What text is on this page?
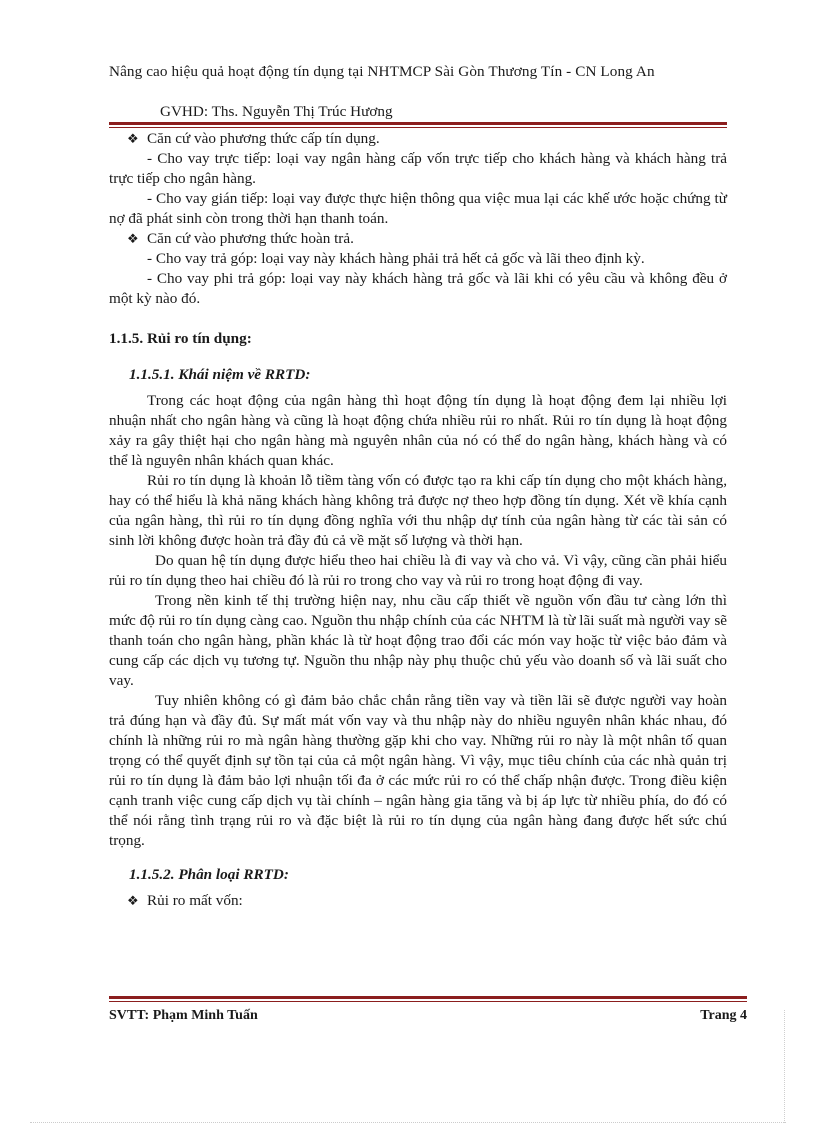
Nâng cao hiệu quả hoạt động tín dụng tại NHTMCP Sài Gòn Thương Tín - CN Long An
GVHD: Ths. Nguyễn Thị Trúc Hương

❖ Căn cứ vào phương thức cấp tín dụng.

- Cho vay trực tiếp: loại vay ngân hàng cấp vốn trực tiếp cho khách hàng và khách hàng trả trực tiếp cho ngân hàng.

- Cho vay gián tiếp: loại vay được thực hiện thông qua việc mua lại các khế ước hoặc chứng từ nợ đã phát sinh còn trong thời hạn thanh toán.

❖ Căn cứ vào phương thức hoàn trả.

- Cho vay trả góp: loại vay này khách hàng phải trả hết cả gốc và lãi theo định kỳ.

- Cho vay phi trả góp: loại vay này khách hàng trả gốc và lãi khi có yêu cầu và không đều ở một kỳ nào đó.

1.1.5. Rủi ro tín dụng:

1.1.5.1. Khái niệm về RRTD:

Trong các hoạt động của ngân hàng thì hoạt động tín dụng là hoạt động đem lại nhiều lợi nhuận nhất cho ngân hàng và cũng là hoạt động chứa nhiều rủi ro nhất. Rủi ro tín dụng là hoạt động xảy ra gây thiệt hại cho ngân hàng mà nguyên nhân của nó có thể do ngân hàng, khách hàng và có thể là nguyên nhân khách quan khác.

Rủi ro tín dụng là khoản lỗ tiềm tàng vốn có được tạo ra khi cấp tín dụng cho một khách hàng, hay có thể hiểu là khả năng khách hàng không trả được nợ theo hợp đồng tín dụng. Xét về khía cạnh của ngân hàng, thì rủi ro tín dụng đồng nghĩa với thu nhập dự tính của ngân hàng từ các tài sản có sinh lời không được hoàn trả đầy đủ cả về mặt số lượng và thời hạn.

Do quan hệ tín dụng được hiểu theo hai chiều là đi vay và cho vả. Vì vậy, cũng cần phải hiểu rủi ro tín dụng theo hai chiều đó là rủi ro trong cho vay và rủi ro trong hoạt động đi vay.

Trong nền kinh tế thị trường hiện nay, nhu cầu cấp thiết về nguồn vốn đầu tư càng lớn thì mức độ rủi ro tín dụng càng cao. Nguồn thu nhập chính của các NHTM là từ lãi suất mà người vay sẽ thanh toán cho ngân hàng, phần khác là từ hoạt động trao đổi các món vay hoặc từ việc bảo đảm và cung cấp các dịch vụ tương tự. Nguồn thu nhập này phụ thuộc chủ yếu vào doanh số và lãi suất cho vay.

Tuy nhiên không có gì đảm bảo chắc chắn rằng tiền vay và tiền lãi sẽ được người vay hoàn trả đúng hạn và đầy đủ. Sự mất mát vốn vay và thu nhập này do nhiều nguyên nhân khác nhau, đó chính là những rủi ro mà ngân hàng thường gặp khi cho vay. Những rủi ro này là một nhân tố quan trọng có thể quyết định sự tồn tại của cả một ngân hàng. Vì vậy, mục tiêu chính của các nhà quản trị rủi ro tín dụng là đảm bảo lợi nhuận tối đa ở các mức rủi ro có thể chấp nhận được. Trong điều kiện cạnh tranh việc cung cấp dịch vụ tài chính – ngân hàng gia tăng và bị áp lực từ nhiều phía, do đó có thể nói rằng tình trạng rủi ro và đặc biệt là rủi ro tín dụng của ngân hàng đang được hết sức chú trọng.

1.1.5.2. Phân loại RRTD:

❖ Rủi ro mất vốn:

SVTT: Phạm Minh Tuấn	Trang 4
